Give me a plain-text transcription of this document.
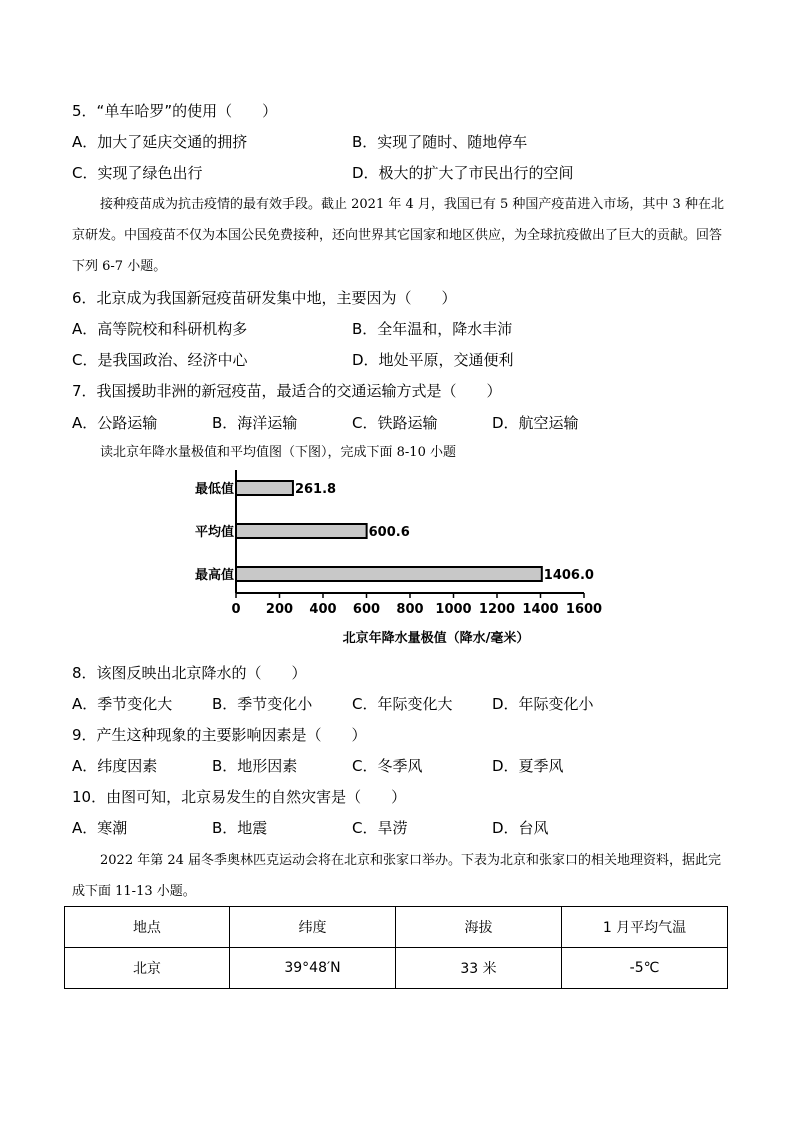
5．“单车哈罗”的使用（　　）
A．加大了延庆交通的拥挤	B．实现了随时、随地停车
C．实现了绿色出行	D．极大的扩大了市民出行的空间
接种疫苗成为抗击疫情的最有效手段。截止 2021 年 4 月，我国已有 5 种国产疫苗进入市场，其中 3 种在北京研发。中国疫苗不仅为本国公民免费接种，还向世界其它国家和地区供应，为全球抗疫做出了巨大的贡献。回答下列 6-7 小题。
6．北京成为我国新冠疫苗研发集中地，主要因为（　　）
A．高等院校和科研机构多	B．全年温和，降水丰沛
C．是我国政治、经济中心	D．地处平原，交通便利
7．我国援助非洲的新冠疫苗，最适合的交通运输方式是（　　）
A．公路运输	B．海洋运输	C．铁路运输	D．航空运输
读北京年降水量极值和平均值图（下图），完成下面 8-10 小题
最低值	261.8
平均值	600.6
最高值	1406.0
0 200 400 600 800 1000 1200 1400 1600
北京年降水量极值（降水/毫米）
8．该图反映出北京降水的（　　）
A．季节变化大	B．季节变化小	C．年际变化大	D．年际变化小
9．产生这种现象的主要影响因素是（　　）
A．纬度因素	B．地形因素	C．冬季风	D．夏季风
10．由图可知，北京易发生的自然灾害是（　　）
A．寒潮	B．地震	C．旱涝	D．台风
2022 年第 24 届冬季奥林匹克运动会将在北京和张家口举办。下表为北京和张家口的相关地理资料，据此完成下面 11-13 小题。
地点	纬度	海拔	1 月平均气温
北京	39°48′N	33 米	-5℃
